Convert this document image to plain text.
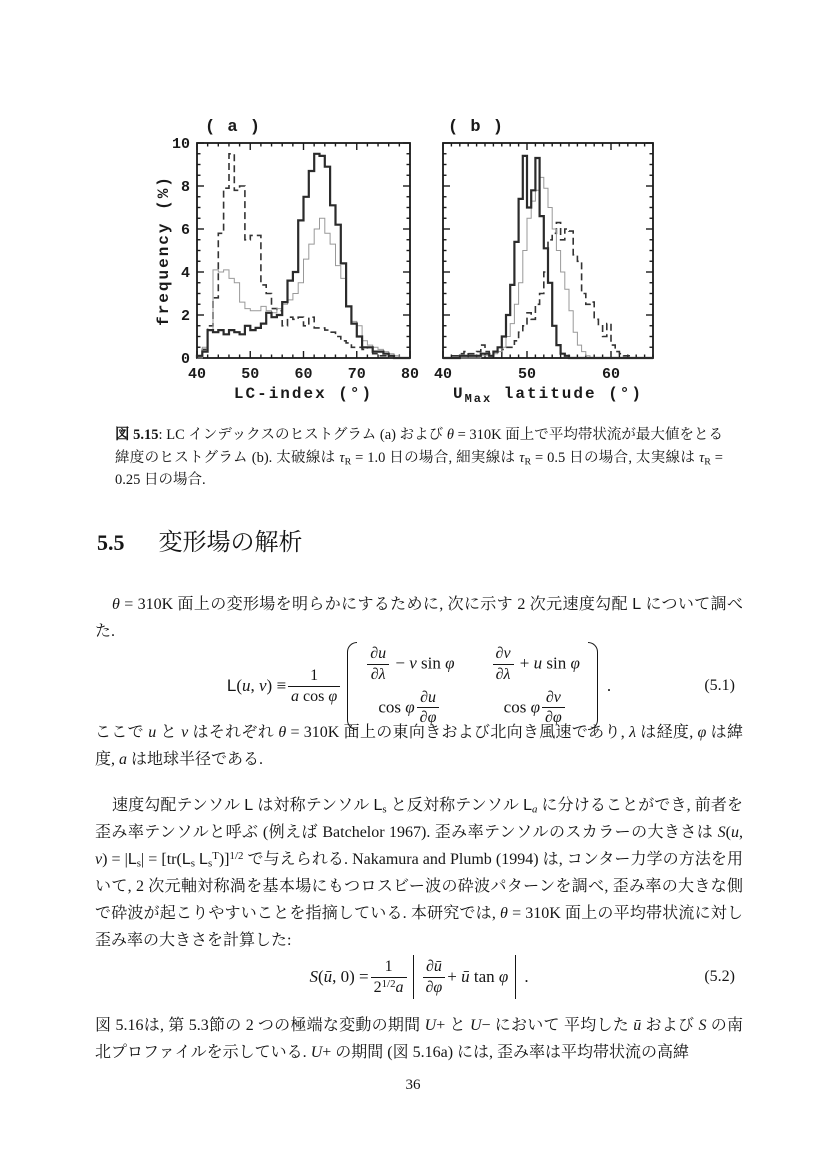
( a )
40 50 60 70 80
0
2
4
6
8
10
LC-index (°)
frequency (%)
( b )
40	50	60
$U_{Max}$ latitude (°)
図 5.15: LC インデックスのヒストグラム (a) および θ = 310K 面上で平均帯状流が最大値をとる緯度のヒストグラム (b). 太破線は $\tau_R = 1.0$ 日の場合, 細実線は $\tau_R = 0.5$ 日の場合, 太実線は $\tau_R = 0.25$ 日の場合.
5.5 変形場の解析
θ = 310K 面上の変形場を明らかにするために, 次に示す 2 次元速度勾配 L について調べた.
L(u, $v) \equiv \frac{1}{\text{a cos φ}}$
$\frac{\partial u}{\partial\lambda} - v$ sin φ $\frac{\partial v}{\partial\lambda} + u$ sin φ
cos φ $\frac{\partial u}{\partial\varphi}$	cos φ $\frac{\partial v}{\partial\varphi}$
.	(5.1)
ここで u と v はそれぞれ θ = 310K 面上の東向きおよび北向き風速であり, λ は経度, φ は緯度, a は地球半径である.
速度勾配テンソル L は対称テンソル $L_s$ と反対称テンソル $L_a$ に分けることができ, 前者を歪み率テンソルと呼ぶ (例えば Batchelor 1967). 歪み率テンソルのスカラーの大きさは S(u, $v) = |L_s| = [tr(L_s$ $L_s^T)]^{1/2}$ で与えられる. Nakamura and Plumb (1994) は, コンター力学の方法を用いて, 2 次元軸対称渦を基本場にもつロスビー波の砕波パターンを調べ, 歪み率の大きな側で砕波が起こりやすいことを指摘している. 本研究では, θ = 310K 面上の平均帯状流に対し歪み率の大きさを計算した:
S(ū, $0) = \frac{1}{2^{1/2}a} \frac{\partial ū}{\partial\varphi}$ + ū tan φ .	(5.2)
図 5.16は, 第 5.3節の 2 つの極端な変動の期間 U+ と U− において 平均した ū および S の南北プロファイルを示している. U+ の期間 (図 5.16a) には, 歪み率は平均帯状流の高緯
36
